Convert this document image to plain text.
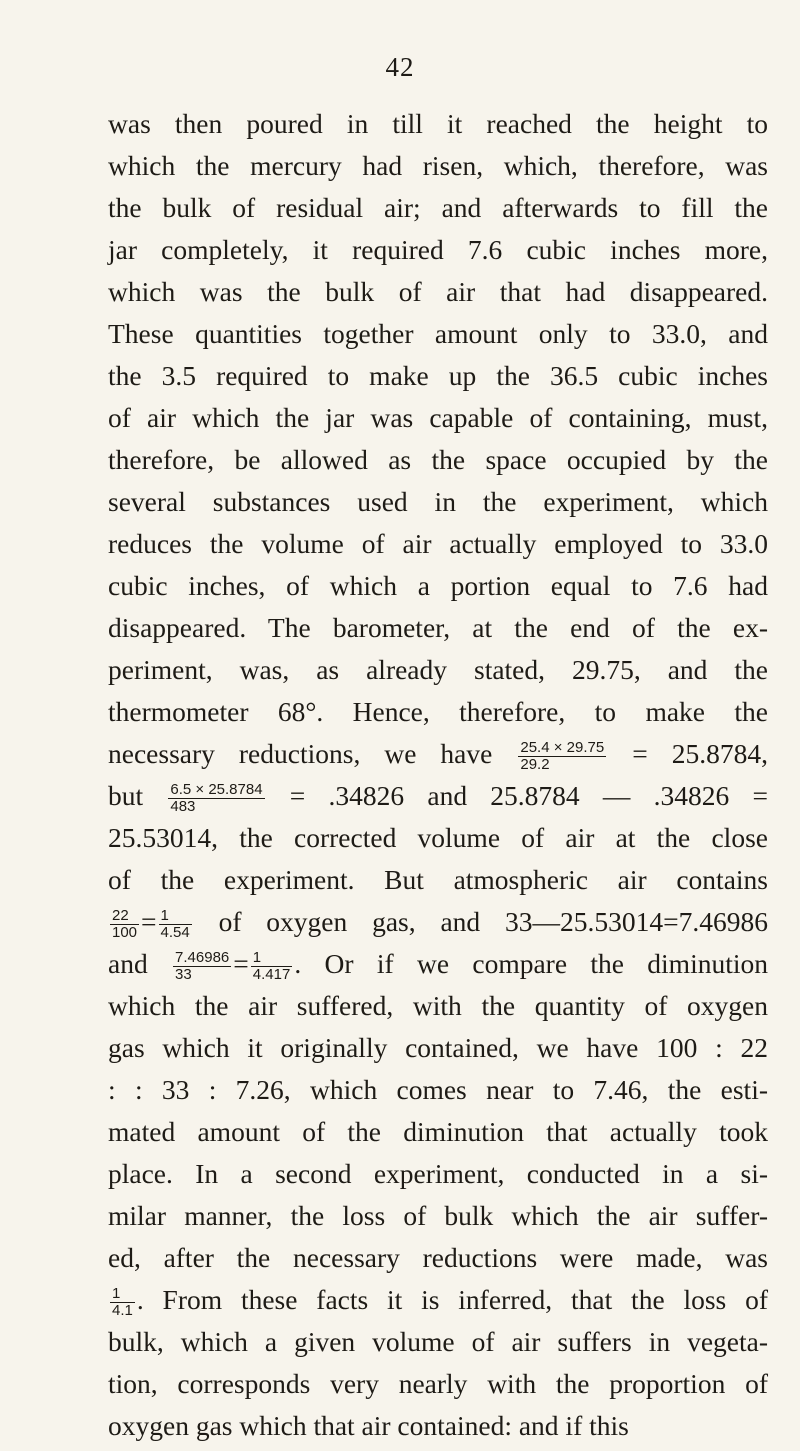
42
was then poured in till it reached the height to
which the mercury had risen, which, therefore, was
the bulk of residual air; and afterwards to fill the
jar completely, it required 7.6 cubic inches more,
which was the bulk of air that had disappeared.
These quantities together amount only to 33.0, and
the 3.5 required to make up the 36.5 cubic inches
of air which the jar was capable of containing, must,
therefore, be allowed as the space occupied by the
several substances used in the experiment, which
reduces the volume of air actually employed to 33.0
cubic inches, of which a portion equal to 7.6 had
disappeared. The barometer, at the end of the ex-
periment, was, as already stated, 29.75, and the
thermometer 68°. Hence, therefore, to make the
necessary reductions, we have $\frac{25.4 \times 29.75}{29.2} = 25.8784$,
but $\frac{6.5 \times 25.8784}{483} = .34826$ and 25.8784 — .34826 =
25.53014, the corrected volume of air at the close
of the experiment. But atmospheric air contains
$\frac{22}{100} = \frac{1}{4.54}$ of oxygen gas, and 33—25.53014=7.46986
and $\frac{7.46986}{33} = \frac{1}{4.417}$ . Or if we compare the diminution
which the air suffered, with the quantity of oxygen
gas which it originally contained, we have 100 : 22
: : 33 : 7.26, which comes near to 7.46, the esti-
mated amount of the diminution that actually took
place. In a second experiment, conducted in a si-
milar manner, the loss of bulk which the air suffer-
ed, after the necessary reductions were made, was
$\frac{1}{4.1}$ . From these facts it is inferred, that the loss of
bulk, which a given volume of air suffers in vegeta-
tion, corresponds very nearly with the proportion of
oxygen gas which that air contained: and if this
